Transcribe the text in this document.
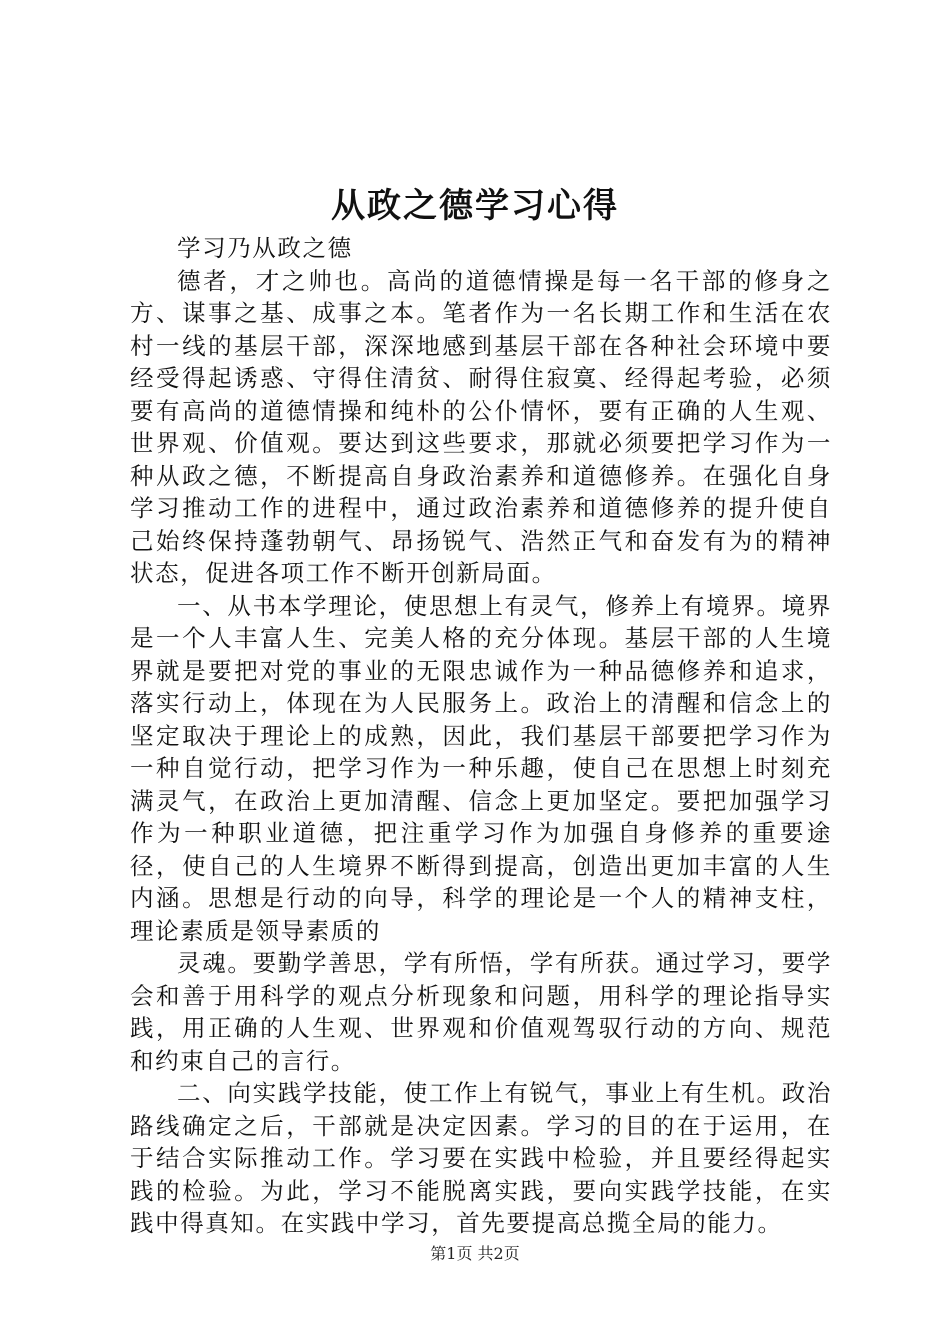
从政之德学习心得

学习乃从政之德

德者，才之帅也。高尚的道德情操是每一名干部的修身之方、谋事之基、成事之本。笔者作为一名长期工作和生活在农村一线的基层干部，深深地感到基层干部在各种社会环境中要经受得起诱惑、守得住清贫、耐得住寂寞、经得起考验，必须要有高尚的道德情操和纯朴的公仆情怀，要有正确的人生观、世界观、价值观。要达到这些要求，那就必须要把学习作为一种从政之德，不断提高自身政治素养和道德修养。在强化自身学习推动工作的进程中，通过政治素养和道德修养的提升使自己始终保持蓬勃朝气、昂扬锐气、浩然正气和奋发有为的精神状态，促进各项工作不断开创新局面。

一、从书本学理论，使思想上有灵气，修养上有境界。境界是一个人丰富人生、完美人格的充分体现。基层干部的人生境界就是要把对党的事业的无限忠诚作为一种品德修养和追求，落实行动上，体现在为人民服务上。政治上的清醒和信念上的坚定取决于理论上的成熟，因此，我们基层干部要把学习作为一种自觉行动，把学习作为一种乐趣，使自己在思想上时刻充满灵气，在政治上更加清醒、信念上更加坚定。要把加强学习作为一种职业道德，把注重学习作为加强自身修养的重要途径，使自己的人生境界不断得到提高，创造出更加丰富的人生内涵。思想是行动的向导，科学的理论是一个人的精神支柱，理论素质是领导素质的

灵魂。要勤学善思，学有所悟，学有所获。通过学习，要学会和善于用科学的观点分析现象和问题，用科学的理论指导实践，用正确的人生观、世界观和价值观驾驭行动的方向、规范和约束自己的言行。

二、向实践学技能，使工作上有锐气，事业上有生机。政治路线确定之后，干部就是决定因素。学习的目的在于运用，在于结合实际推动工作。学习要在实践中检验，并且要经得起实践的检验。为此，学习不能脱离实践，要向实践学技能，在实践中得真知。在实践中学习，首先要提高总揽全局的能力。

第1页 共2页
